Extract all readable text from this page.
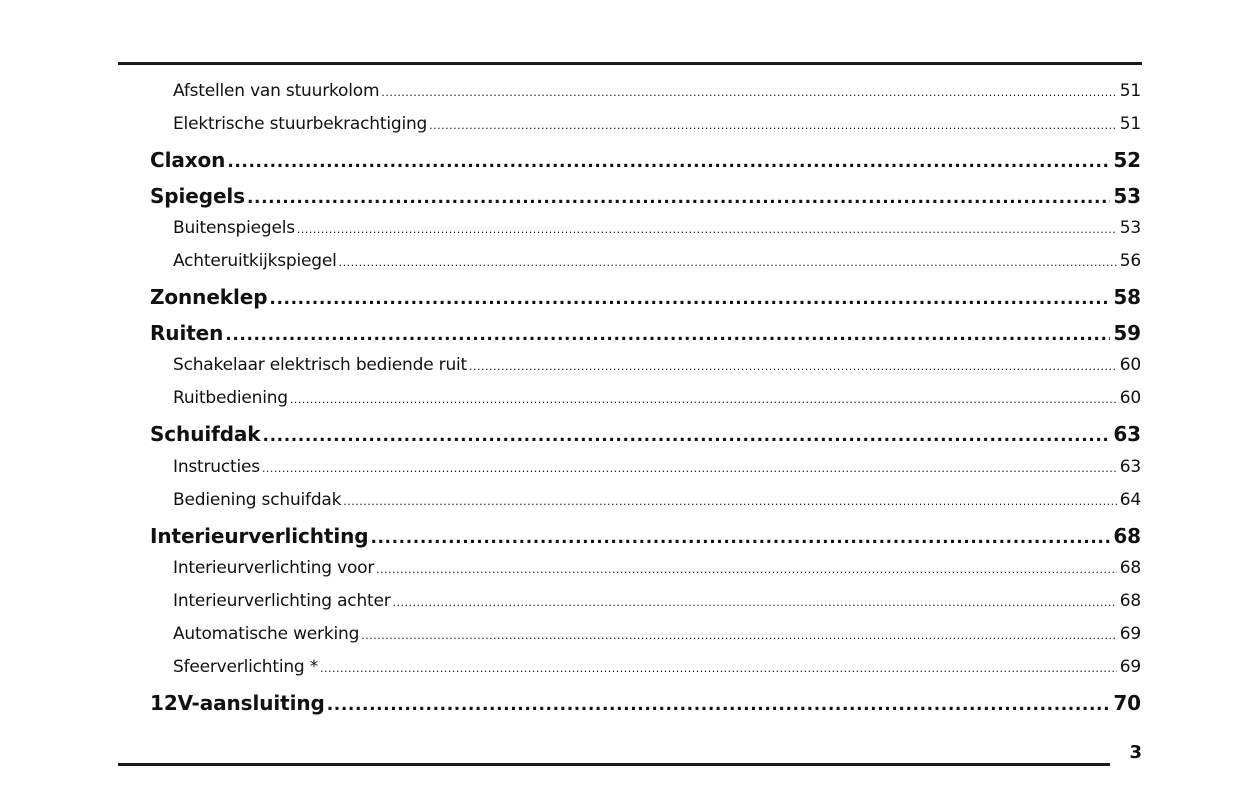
Afstellen van stuurkolom .....	51
Elektrische stuurbekrachtiging .....	51
Claxon .....	52
Spiegels .....	53
Buitenspiegels .....	53
Achteruitkijkspiegel .....	56
Zonneklep .....	58
Ruiten .....	59
Schakelaar elektrisch bediende ruit .....	60
Ruitbediening .....	60
Schuifdak .....	63
Instructies .....	63
Bediening schuifdak .....	64
Interieurverlichting .....	68
Interieurverlichting voor .....	68
Interieurverlichting achter .....	68
Automatische werking .....	69
Sfeerverlichting * .....	69
12V-aansluiting .....	70
3
